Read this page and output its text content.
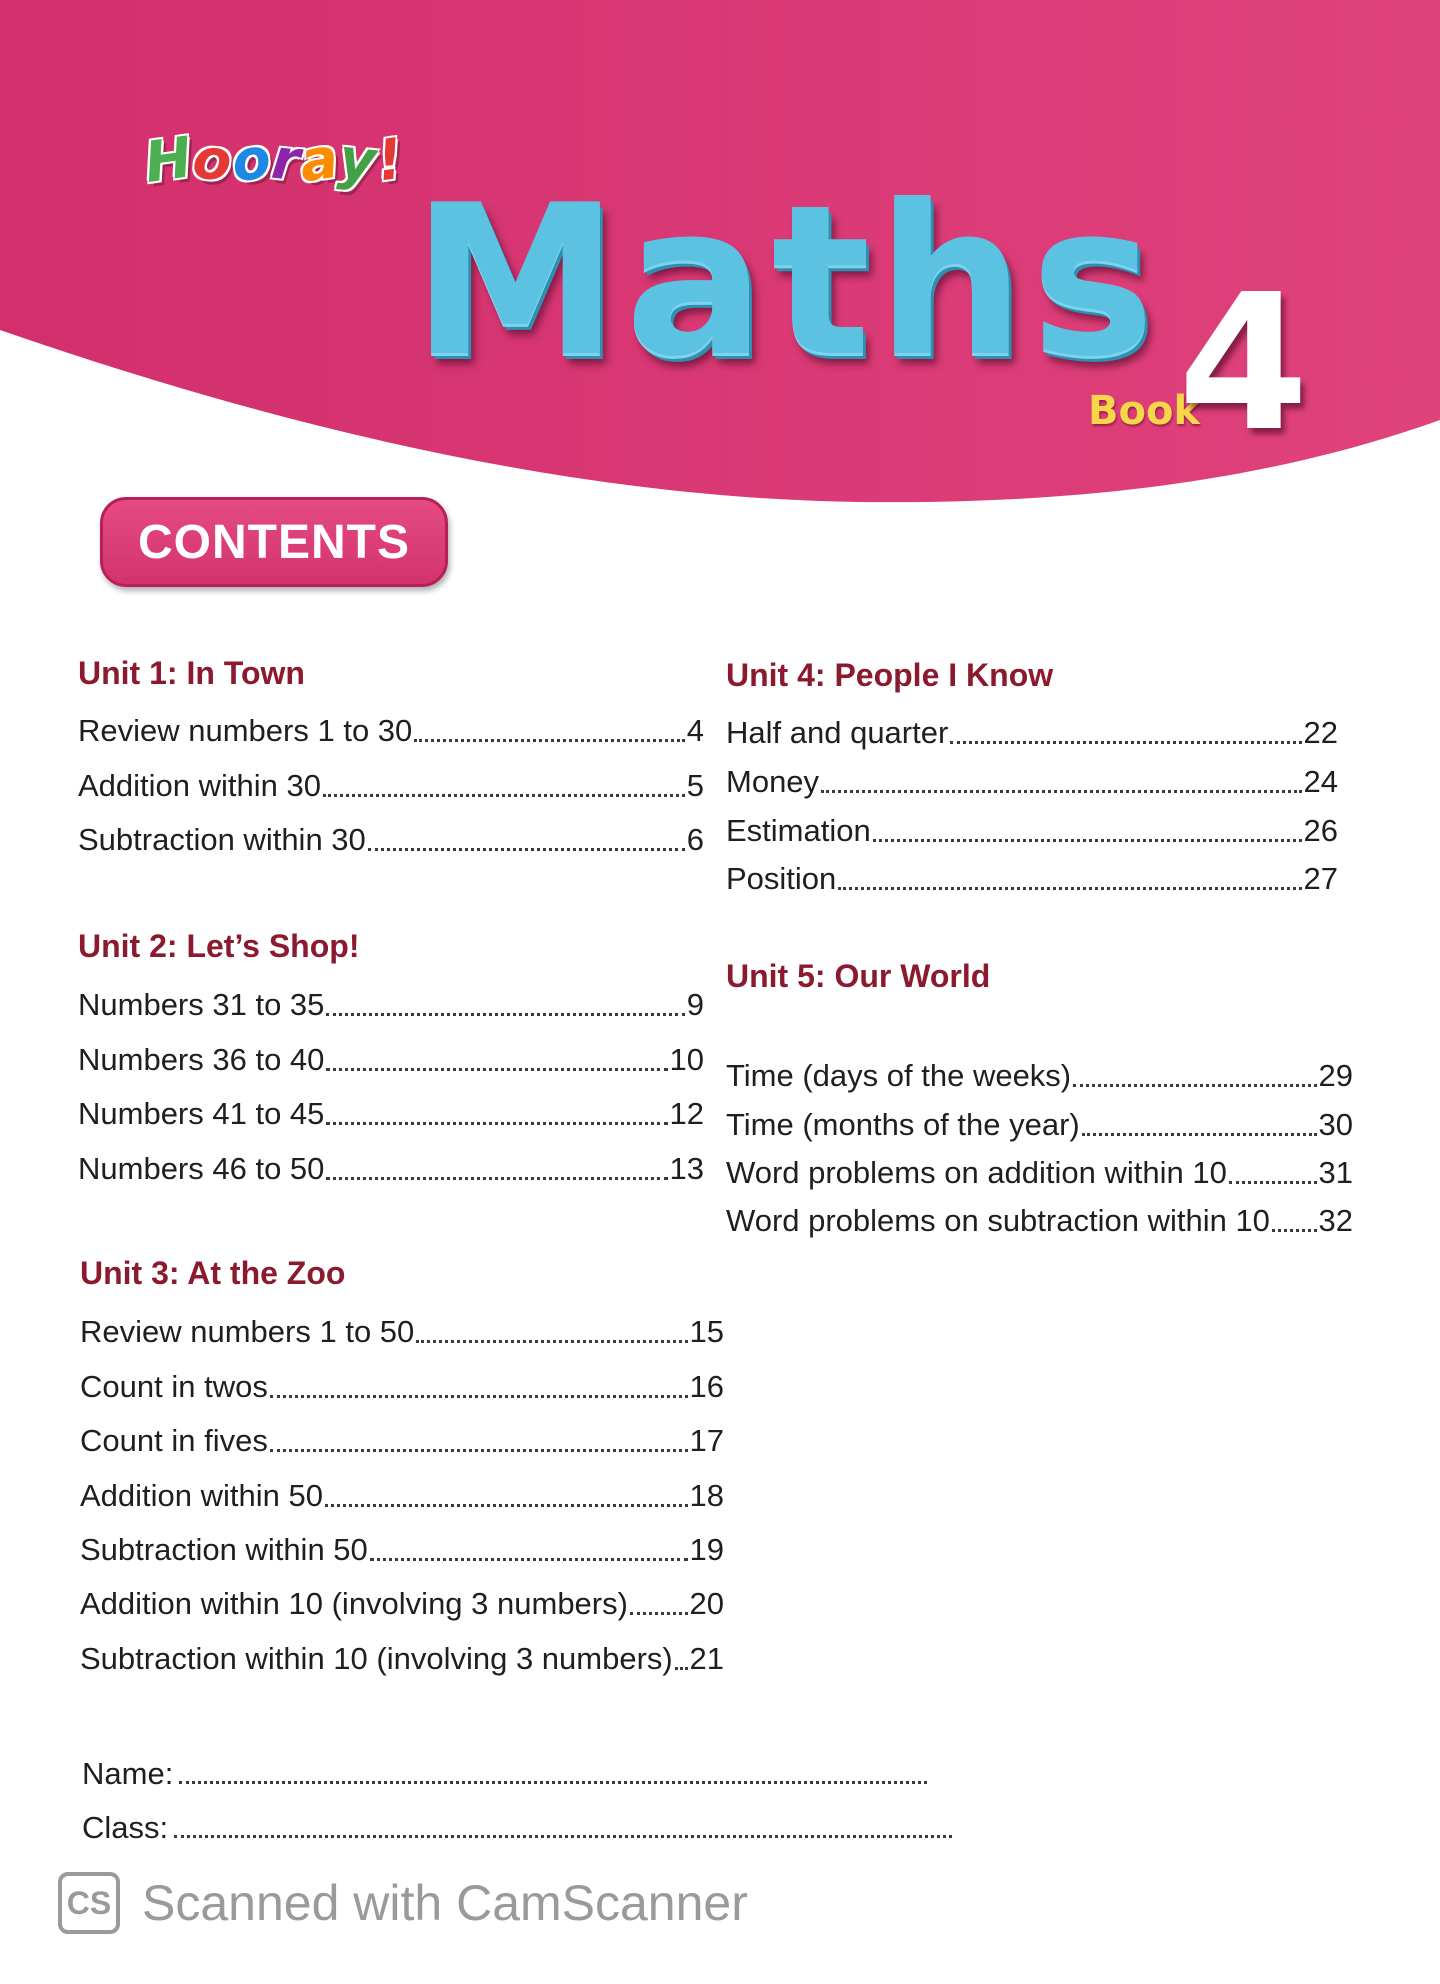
Hooray!
Maths
Book
4
CONTENTS
Unit 1: In Town
Review numbers 1 to 30	4
Addition within 30	5
Subtraction within 30	6
Unit 2: Let’s Shop!
Numbers 31 to 35	9
Numbers 36 to 40	10
Numbers 41 to 45	12
Numbers 46 to 50	13
Unit 3: At the Zoo
Review numbers 1 to 50	15
Count in twos	16
Count in fives	17
Addition within 50	18
Subtraction within 50	19
Addition within 10 (involving 3 numbers) 20
Subtraction within 10 (involving 3 numbers) 21
Unit 4: People I Know
Half and quarter	22
Money	24
Estimation	26
Position	27
Unit 5: Our World
Time (days of the weeks)	29
Time (months of the year)	30
Word problems on addition within 10	31
Word problems on subtraction within 10 32
Name:
Class:
CS Scanned with CamScanner
